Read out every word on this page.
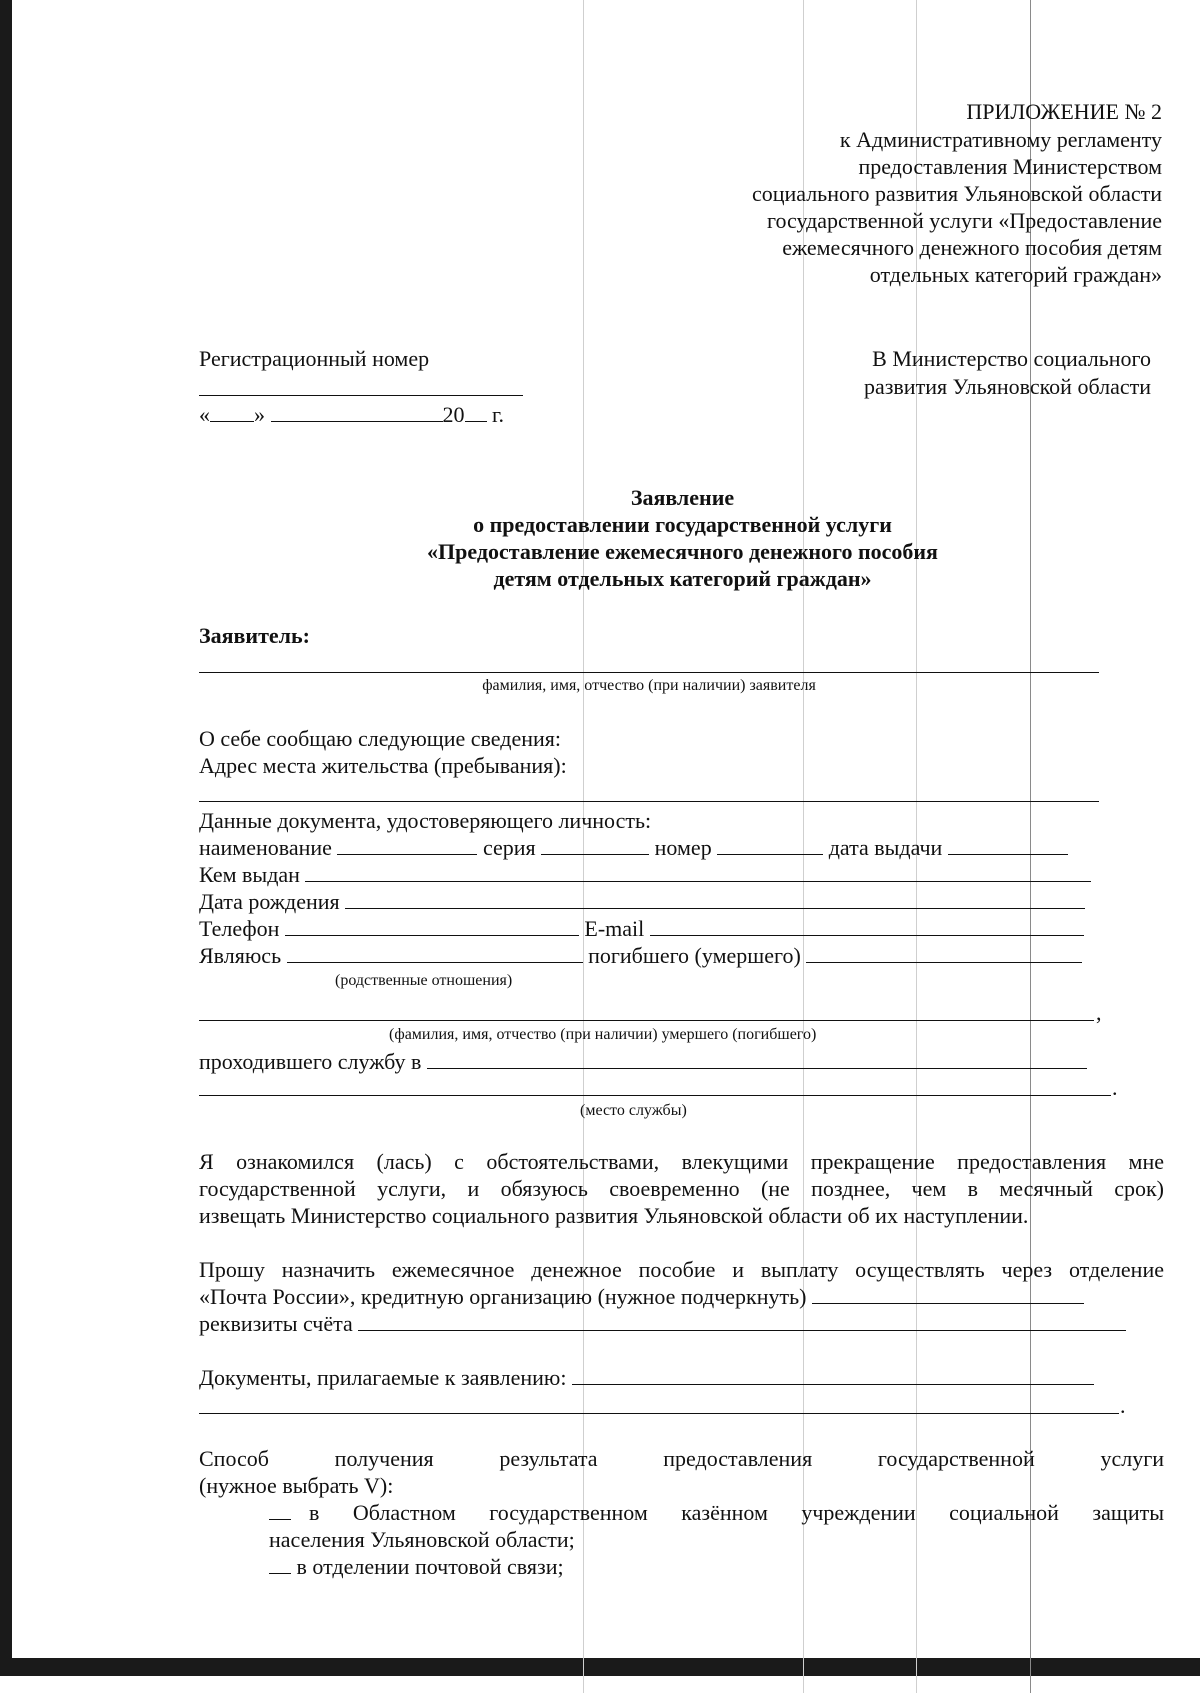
ПРИЛОЖЕНИЕ № 2
к Административному регламенту
предоставления Министерством
социального развития Ульяновской области
государственной услуги «Предоставление
ежемесячного денежного пособия детям
отдельных категорий граждан»
Регистрационный номер
« »	20 г.
В Министерство социального
развития Ульяновской области
Заявление
о предоставлении государственной услуги
«Предоставление ежемесячного денежного пособия
детям отдельных категорий граждан»
Заявитель:
фамилия, имя, отчество (при наличии) заявителя
О себе сообщаю следующие сведения:
Адрес места жительства (пребывания):
Данные документа, удостоверяющего личность:
наименование	серия	номер	дата выдачи
Кем выдан
Дата рождения
Телефон	E-mail
Являюсь	погибшего (умершего)
(родственные отношения)
,
(фамилия, имя, отчество (при наличии) умершего (погибшего)
проходившего службу в
.
(место службы)
Я ознакомился (лась) с обстоятельствами, влекущими прекращение предоставления мне
государственной услуги, и обязуюсь своевременно (не позднее, чем в месячный срок)
извещать Министерство социального развития Ульяновской области об их наступлении.
Прошу назначить ежемесячное денежное пособие и выплату осуществлять через отделение
«Почта России», кредитную организацию (нужное подчеркнуть)
реквизиты счёта
Документы, прилагаемые к заявлению:
.
Способ получения результата предоставления государственной услуги
(нужное выбрать V):
в Областном государственном казённом учреждении социальной защиты
населения Ульяновской области;
в отделении почтовой связи;
